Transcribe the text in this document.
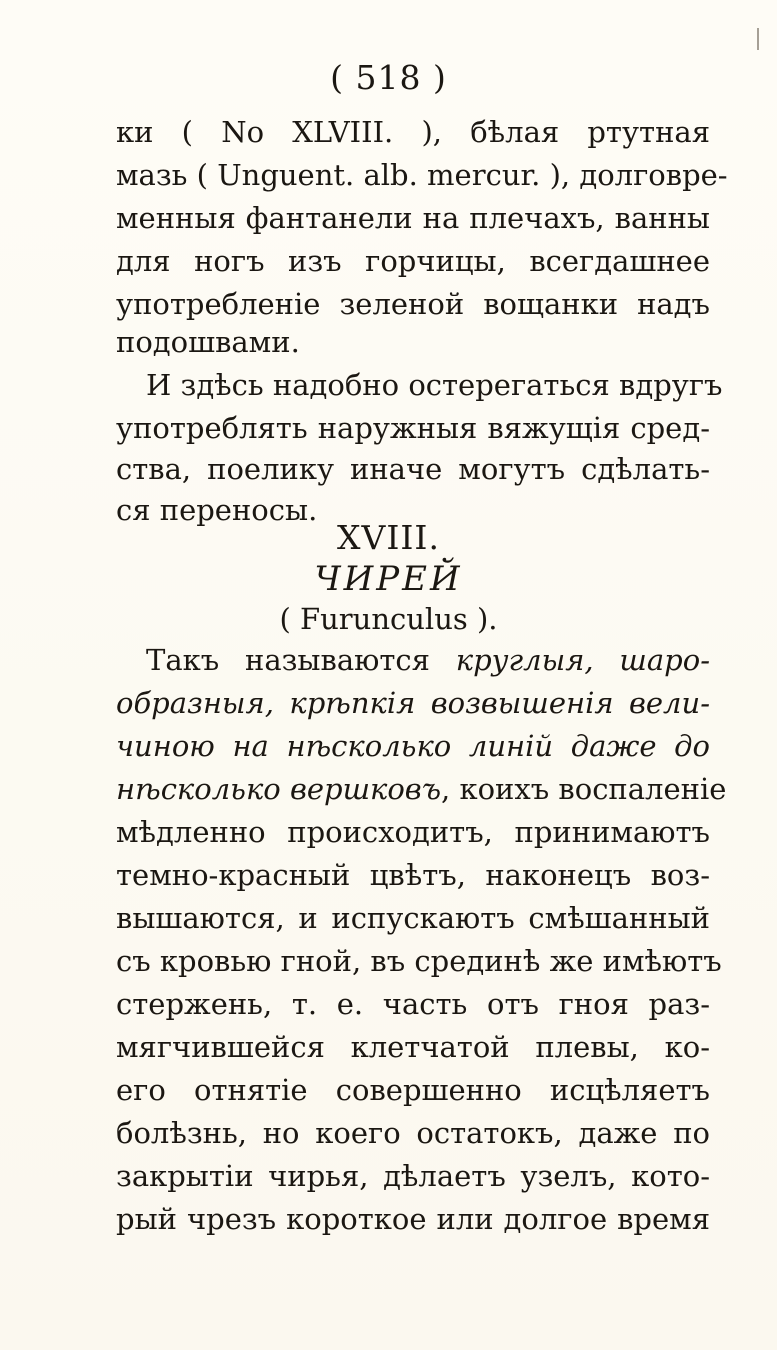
( 518 )
ки ( No XLVIII. ), бѣлая ртутная
мазь ( Unguent. alb. mercur. ), долговре-
менныя фантанели на плечахъ, ванны
для ногъ изъ горчицы, всегдашнее
употребленіе зеленой вощанки надъ
подошвами.
И здѣсь надобно остерегаться вдругъ
употреблять наружныя вяжущія сред-
ства, поелику иначе могутъ сдѣлать-
ся переносы.
XVIII.
ЧИРЕЙ
( Furunculus ).
Такъ называются круглыя, шаро-
образныя, крѣпкія возвышенія вели-
чиною на нѣсколько линій даже до
нѣсколько вершковъ, коихъ воспаленіе
мѣдленно происходитъ, принимаютъ
темно-красный цвѣтъ, наконецъ воз-
вышаются, и испускаютъ смѣшанный
съ кровью гной, въ срединѣ же имѣютъ
стержень, т. е. часть отъ гноя раз-
мягчившейся клетчатой плевы, ко-
его отнятіе совершенно исцѣляетъ
болѣзнь, но коего остатокъ, даже по
закрытіи чирья, дѣлаетъ узелъ, кото-
рый чрезъ короткое или долгое время
